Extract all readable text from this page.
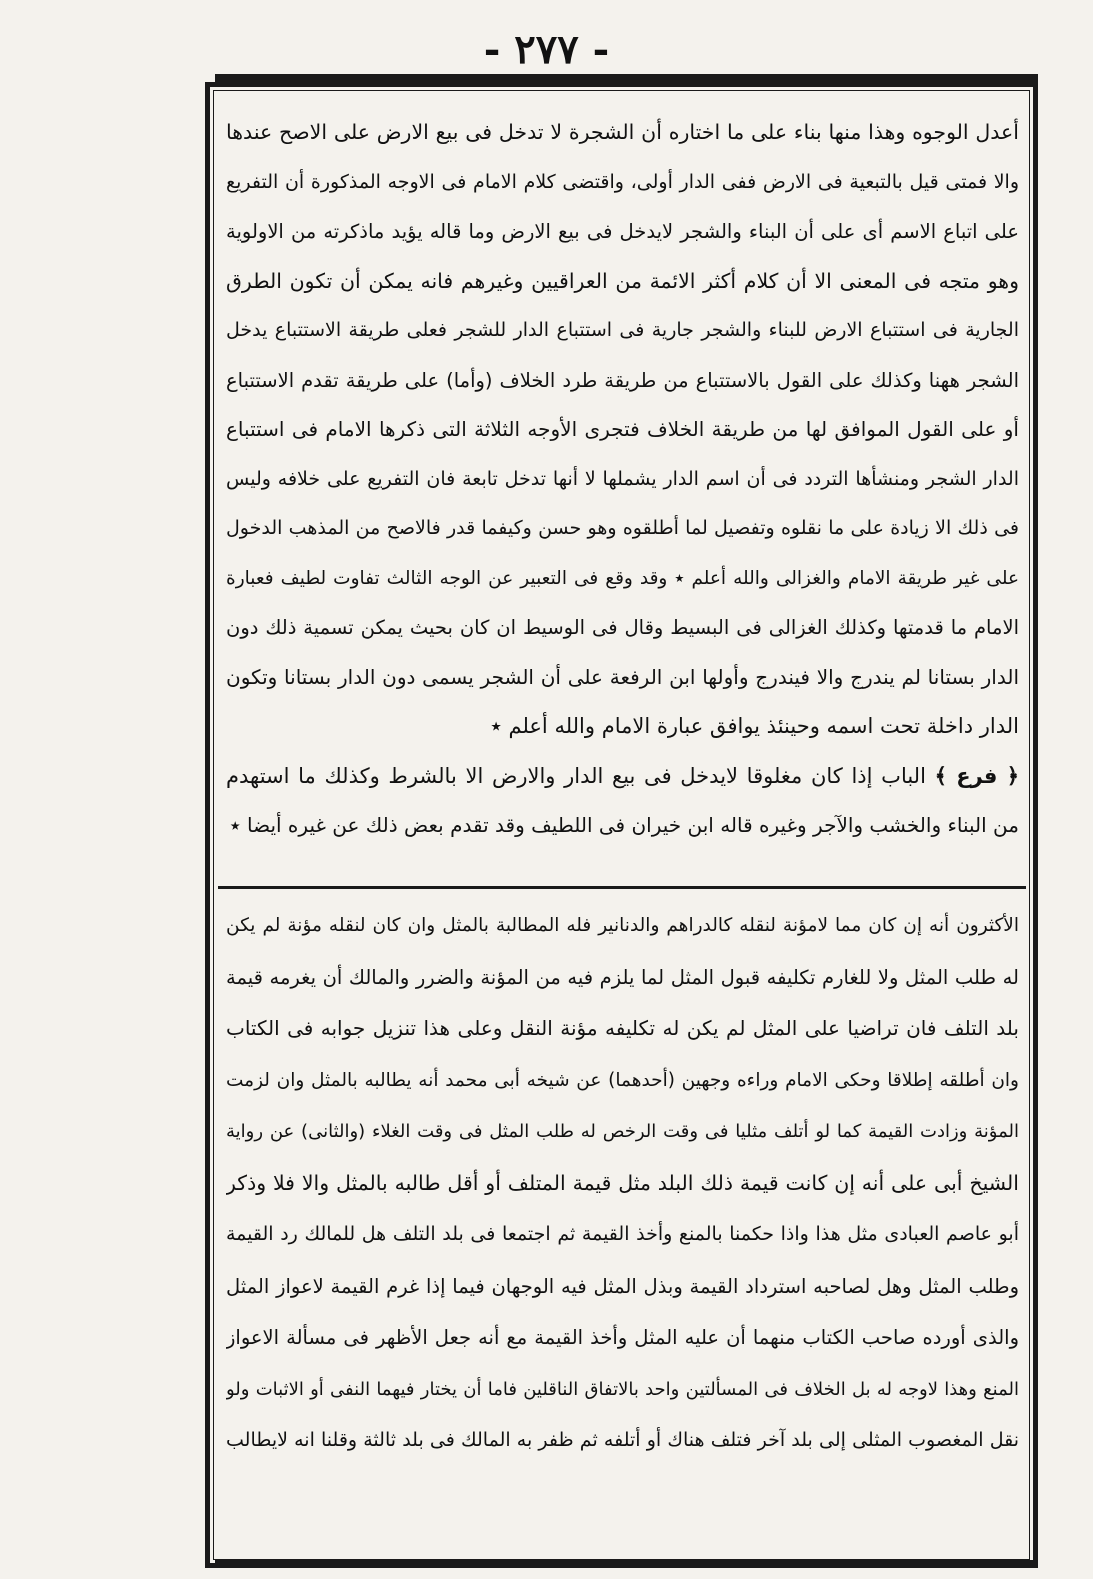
- ٢٧٧ -
أعدل الوجوه وهذا منها بناء على ما اختاره أن الشجرة لا تدخل فى بيع الارض على الاصح عندها
والا فمتى قيل بالتبعية فى الارض ففى الدار أولى، واقتضى كلام الامام فى الاوجه المذكورة أن التفريع
على اتباع الاسم أى على أن البناء والشجر لايدخل فى بيع الارض وما قاله يؤيد ماذكرته من الاولوية
وهو متجه فى المعنى الا أن كلام أكثر الائمة من العراقيين وغيرهم فانه يمكن أن تكون الطرق
الجارية فى استتباع الارض للبناء والشجر جارية فى استتباع الدار للشجر فعلى طريقة الاستتباع يدخل
الشجر ههنا وكذلك على القول بالاستتباع من طريقة طرد الخلاف (وأما) على طريقة تقدم الاستتباع
أو على القول الموافق لها من طريقة الخلاف فتجرى الأوجه الثلاثة التى ذكرها الامام فى استتباع
الدار الشجر ومنشأها التردد فى أن اسم الدار يشملها لا أنها تدخل تابعة فان التفريع على خلافه وليس
فى ذلك الا زيادة على ما نقلوه وتفصيل لما أطلقوه وهو حسن وكيفما قدر فالاصح من المذهب الدخول
على غير طريقة الامام والغزالى والله أعلم ٭ وقد وقع فى التعبير عن الوجه الثالث تفاوت لطيف فعبارة
الامام ما قدمتها وكذلك الغزالى فى البسيط وقال فى الوسيط ان كان بحيث يمكن تسمية ذلك دون
الدار بستانا لم يندرج والا فيندرج وأولها ابن الرفعة على أن الشجر يسمى دون الدار بستانا وتكون
الدار داخلة تحت اسمه وحينئذ يوافق عبارة الامام والله أعلم ٭
﴿ فرع ﴾ الباب إذا كان مغلوقا لايدخل فى بيع الدار والارض الا بالشرط وكذلك ما استهدم
من البناء والخشب والآجر وغيره قاله ابن خيران فى اللطيف وقد تقدم بعض ذلك عن غيره أيضا ٭
الأكثرون أنه إن كان مما لامؤنة لنقله كالدراهم والدنانير فله المطالبة بالمثل وان كان لنقله مؤنة لم يكن
له طلب المثل ولا للغارم تكليفه قبول المثل لما يلزم فيه من المؤنة والضرر والمالك أن يغرمه قيمة
بلد التلف فان تراضيا على المثل لم يكن له تكليفه مؤنة النقل وعلى هذا تنزيل جوابه فى الكتاب
وان أطلقه إطلاقا وحكى الامام وراءه وجهين (أحدهما) عن شيخه أبى محمد أنه يطالبه بالمثل وان لزمت
المؤنة وزادت القيمة كما لو أتلف مثليا فى وقت الرخص له طلب المثل فى وقت الغلاء (والثانى) عن رواية
الشيخ أبى على أنه إن كانت قيمة ذلك البلد مثل قيمة المتلف أو أقل طالبه بالمثل والا فلا وذكر
أبو عاصم العبادى مثل هذا واذا حكمنا بالمنع وأخذ القيمة ثم اجتمعا فى بلد التلف هل للمالك رد القيمة
وطلب المثل وهل لصاحبه استرداد القيمة وبذل المثل فيه الوجهان فيما إذا غرم القيمة لاعواز المثل
والذى أورده صاحب الكتاب منهما أن عليه المثل وأخذ القيمة مع أنه جعل الأظهر فى مسألة الاعواز
المنع وهذا لاوجه له بل الخلاف فى المسألتين واحد بالاتفاق الناقلين فاما أن يختار فيهما النفى أو الاثبات ولو
نقل المغصوب المثلى إلى بلد آخر فتلف هناك أو أتلفه ثم ظفر به المالك فى بلد ثالثة وقلنا انه لايطالب
